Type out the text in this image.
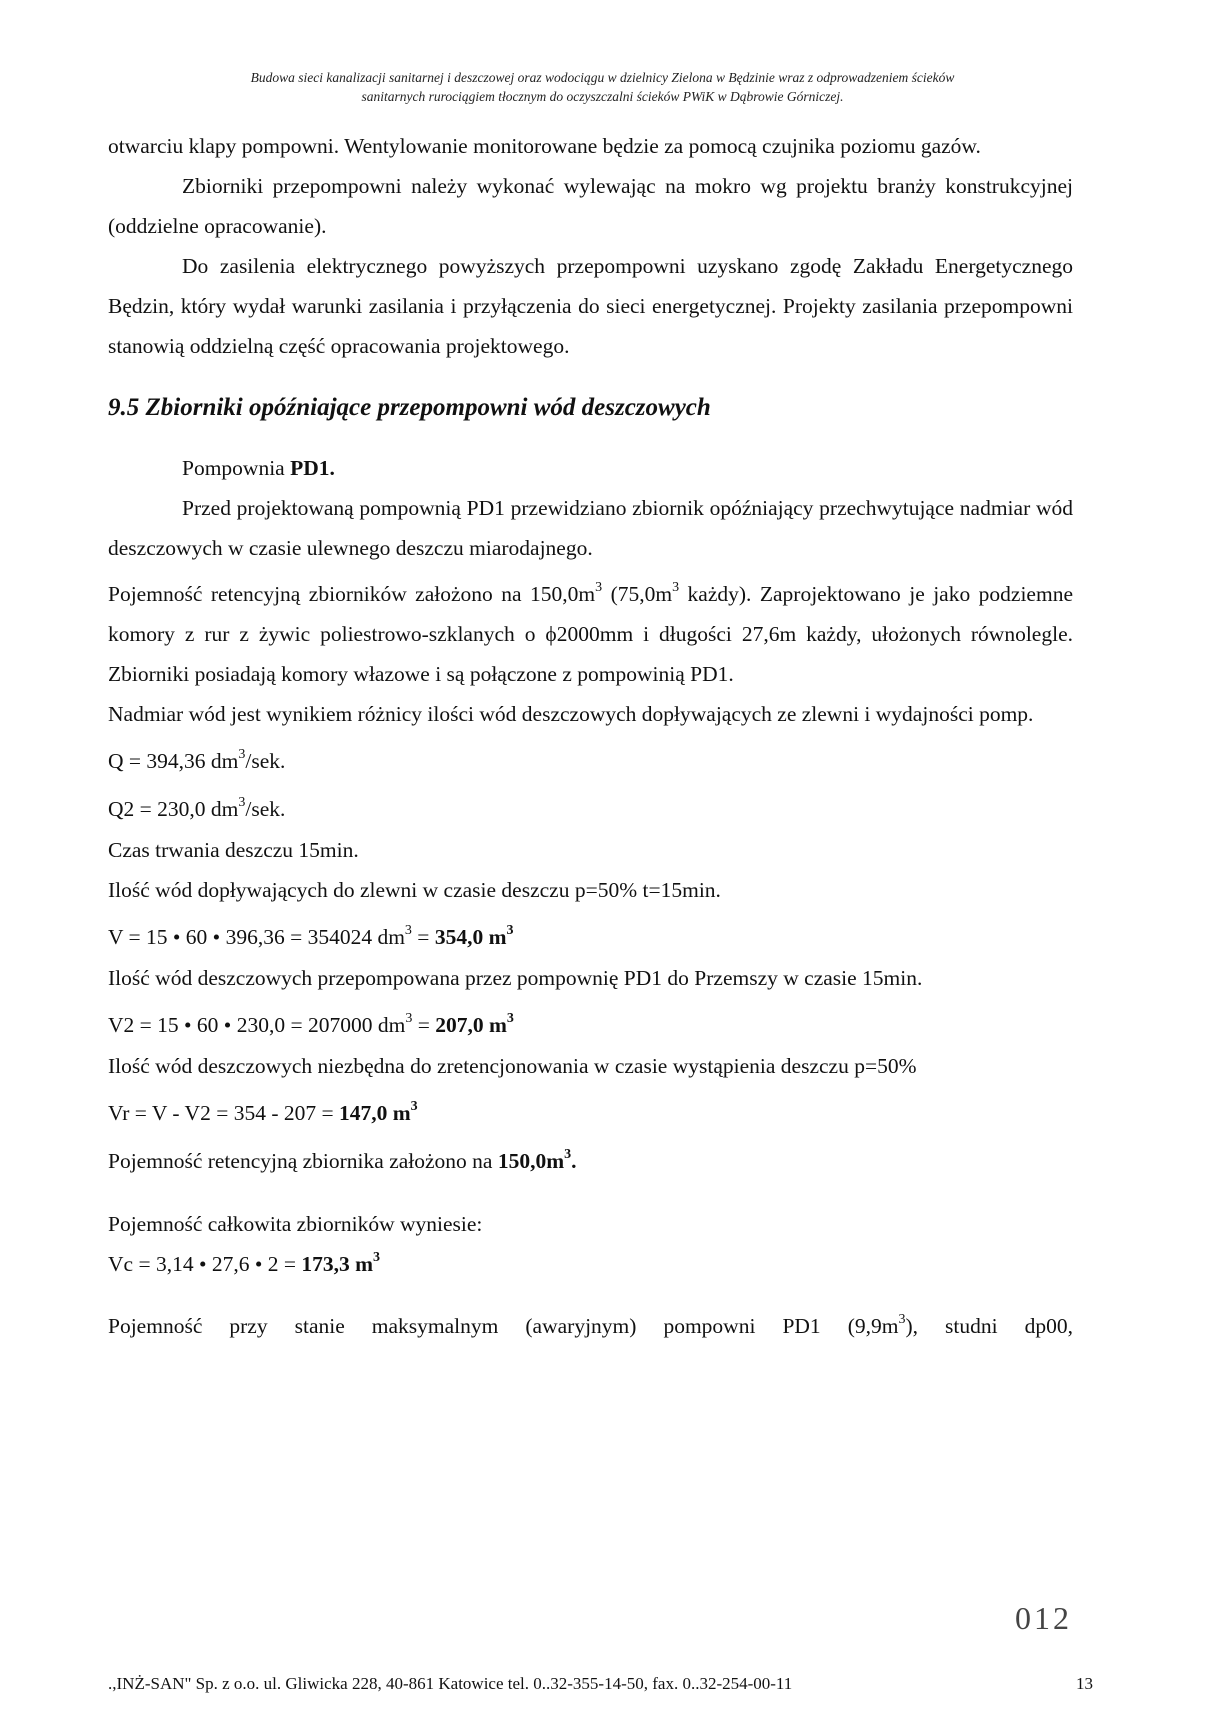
Budowa sieci kanalizacji sanitarnej i deszczowej oraz wodociągu w dzielnicy Zielona w Będzinie wraz z odprowadzeniem ścieków
sanitarnych rurociągiem tłocznym do oczyszczalni ścieków PWiK w Dąbrowie Górniczej.

otwarciu klapy pompowni. Wentylowanie monitorowane będzie za pomocą czujnika poziomu gazów.

Zbiorniki przepompowni należy wykonać wylewając na mokro wg projektu branży konstrukcyjnej (oddzielne opracowanie).

Do zasilenia elektrycznego powyższych przepompowni uzyskano zgodę Zakładu Energetycznego Będzin, który wydał warunki zasilania i przyłączenia do sieci energetycznej. Projekty zasilania przepompowni stanowią oddzielną część opracowania projektowego.

9.5 Zbiorniki opóźniające przepompowni wód deszczowych

Pompownia PD1.

Przed projektowaną pompownią PD1 przewidziano zbiornik opóźniający przechwytujące nadmiar wód deszczowych w czasie ulewnego deszczu miarodajnego.

Pojemność retencyjną zbiorników założono na $150,0m^3$ ($75,0m^3$ każdy). Zaprojektowano je jako podziemne komory z rur z żywic poliestrowo-szklanych o ϕ2000mm i długości 27,6m każdy, ułożonych równolegle. Zbiorniki posiadają komory włazowe i są połączone z pompowinią PD1.

Nadmiar wód jest wynikiem różnicy ilości wód deszczowych dopływających ze zlewni i wydajności pomp.

Q = 394,36 $dm^3$/sek.

Q2 = 230,0 $dm^3$/sek.

Czas trwania deszczu 15min.

Ilość wód dopływających do zlewni w czasie deszczu p=50% t=15min.

V = 15 • 60 • 396,36 = 354024 $dm^3 = 354,0$ $m^3$

Ilość wód deszczowych przepompowana przez pompownię PD1 do Przemszy w czasie 15min.

V2 = 15 • 60 • 230,0 = 207000 $dm^3 = 207,0$ $m^3$

Ilość wód deszczowych niezbędna do zretencjonowania w czasie wystąpienia deszczu p=50%

Vr = V - V2 = 354 - 207 = 147,0 $m^3$

Pojemność retencyjną zbiornika założono na $150,0m^3$.

Pojemność całkowita zbiorników wyniesie:

Vc = 3,14 • 27,6 • 2 = 173,3 $m^3$

Pojemność przy stanie maksymalnym (awaryjnym) pompowni PD1 $(9,9m^3)$, studni dp00,

012
.,INŻ-SAN" Sp. z o.o. ul. Gliwicka 228, 40-861 Katowice tel. 0..32-355-14-50, fax. 0..32-254-00-11	13
